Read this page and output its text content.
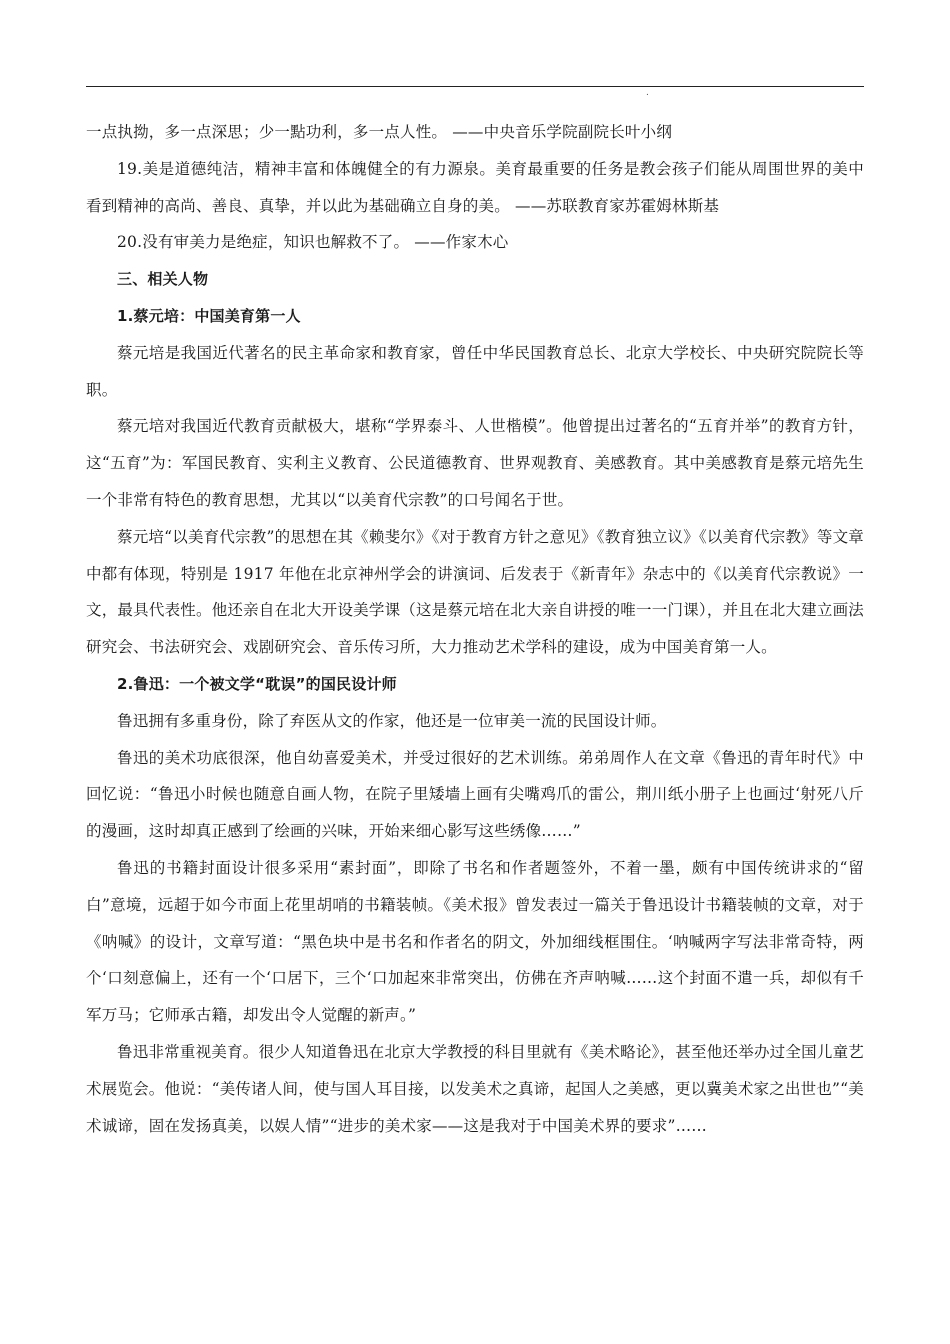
.

一点执拗，多一点深思；少一點功利，多一点人性。 ——中央音乐学院副院长叶小纲

19.美是道德纯洁，精神丰富和体魄健全的有力源泉。美育最重要的任务是教会孩子们能从周围世界的美中看到精神的高尚、善良、真挚，并以此为基础确立自身的美。 ——苏联教育家苏霍姆林斯基

20.没有审美力是绝症，知识也解救不了。 ——作家木心

三、相关人物

1.蔡元培：中国美育第一人

蔡元培是我国近代著名的民主革命家和教育家，曾任中华民国教育总长、北京大学校长、中央研究院院长等职。

蔡元培对我国近代教育贡献极大，堪称“学界泰斗、人世楷模”。他曾提出过著名的“五育并举”的教育方针，这“五育”为：军国民教育、实利主义教育、公民道德教育、世界观教育、美感教育。其中美感教育是蔡元培先生一个非常有特色的教育思想，尤其以“以美育代宗教”的口号闻名于世。

蔡元培“以美育代宗教”的思想在其《赖斐尔》《对于教育方针之意见》《教育独立议》《以美育代宗教》等文章中都有体现，特别是 1917 年他在北京神州学会的讲演词、后发表于《新青年》杂志中的《以美育代宗教说》一文，最具代表性。他还亲自在北大开设美学课（这是蔡元培在北大亲自讲授的唯一一门课），并且在北大建立画法研究会、书法研究会、戏剧研究会、音乐传习所，大力推动艺术学科的建设，成为中国美育第一人。

2.鲁迅：一个被文学“耽误”的国民设计师

鲁迅拥有多重身份，除了弃医从文的作家，他还是一位审美一流的民国设计师。

鲁迅的美术功底很深，他自幼喜爱美术，并受过很好的艺术训练。弟弟周作人在文章《鲁迅的青年时代》中回忆说：“鲁迅小时候也随意自画人物，在院子里矮墙上画有尖嘴鸡爪的雷公，荆川纸小册子上也画过‘射死八斤的漫画，这时却真正感到了绘画的兴味，开始来细心影写这些绣像……”

鲁迅的书籍封面设计很多采用“素封面”，即除了书名和作者题签外，不着一墨，颇有中国传统讲求的“留白”意境，远超于如今市面上花里胡哨的书籍装帧。《美术报》曾发表过一篇关于鲁迅设计书籍装帧的文章，对于《呐喊》的设计，文章写道：“黑色块中是书名和作者名的阴文，外加细线框围住。‘呐喊两字写法非常奇特，两个‘口刻意偏上，还有一个‘口居下，三个‘口加起來非常突出，仿佛在齐声呐喊……这个封面不遣一兵，却似有千军万马；它师承古籍，却发出令人觉醒的新声。”

鲁迅非常重视美育。很少人知道鲁迅在北京大学教授的科目里就有《美术略论》，甚至他还举办过全国儿童艺术展览会。他说：“美传诸人间，使与国人耳目接，以发美术之真谛，起国人之美感，更以冀美术家之出世也”“美术诚谛，固在发扬真美，以娱人情”“进步的美术家——这是我对于中国美术界的要求”……
